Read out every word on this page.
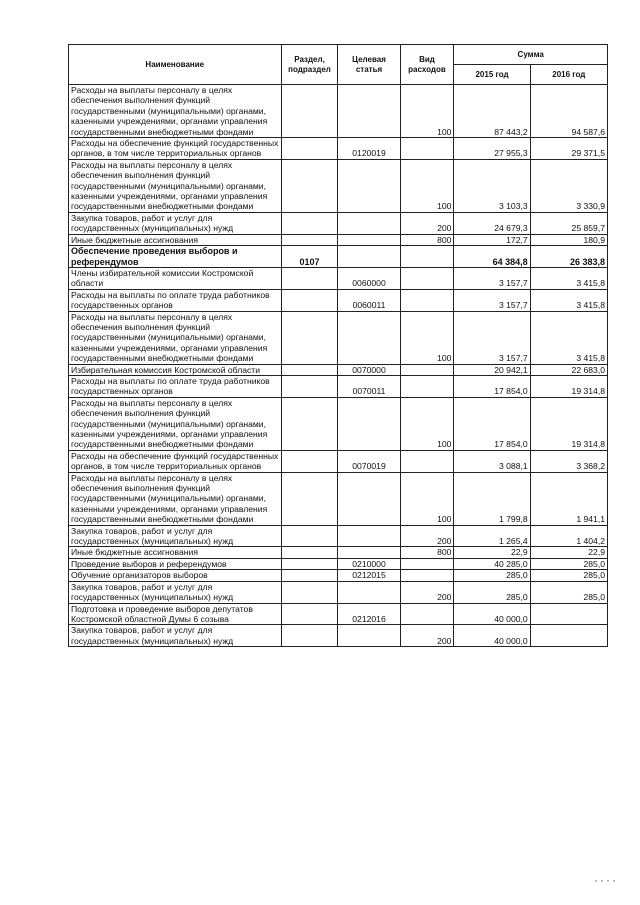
Наименование	Раздел, подраздел	Целевая статья	Вид расходов	Сумма	
				2015 год	2016 год
Расходы на выплаты персоналу в целях обеспечения выполнения функций государственными (муниципальными) органами, казенными учреждениями, органами управления государственными внебюджетными фондами			100	87 443,2	94 587,6
Расходы на обеспечение функций государственных органов, в том числе территориальных органов		0120019		27 955,3	29 371,5
Расходы на выплаты персоналу в целях обеспечения выполнения функций государственными (муниципальными) органами, казенными учреждениями, органами управления государственными внебюджетными фондами			100	3 103,3	3 330,9
Закупка товаров, работ и услуг для государственных (муниципальных) нужд			200	24 679,3	25 859,7
Иные бюджетные ассигнования			800	172,7	180,9
Обеспечение проведения выборов и референдумов	0107			64 384,8	26 383,8
Члены избирательной комиссии Костромской области		0060000		3 157,7	3 415,8
Расходы на выплаты по оплате труда работников государственных органов		0060011		3 157,7	3 415,8
Расходы на выплаты персоналу в целях обеспечения выполнения функций государственными (муниципальными) органами, казенными учреждениями, органами управления государственными внебюджетными фондами			100	3 157,7	3 415,8
Избирательная комиссия Костромской области		0070000		20 942,1	22 683,0
Расходы на выплаты по оплате труда работников государственных органов		0070011		17 854,0	19 314,8
Расходы на выплаты персоналу в целях обеспечения выполнения функций государственными (муниципальными) органами, казенными учреждениями, органами управления государственными внебюджетными фондами			100	17 854,0	19 314,8
Расходы на обеспечение функций государственных органов, в том числе территориальных органов		0070019		3 088,1	3 368,2
Расходы на выплаты персоналу в целях обеспечения выполнения функций государственными (муниципальными) органами, казенными учреждениями, органами управления государственными внебюджетными фондами			100	1 799,8	1 941,1
Закупка товаров, работ и услуг для государственных (муниципальных) нужд			200	1 265,4	1 404,2
Иные бюджетные ассигнования			800	22,9	22,9
Проведение выборов и референдумов		0210000		40 285,0	285,0
Обучение организаторов выборов		0212015		285,0	285,0
Закупка товаров, работ и услуг для государственных (муниципальных) нужд			200	285,0	285,0
Подготовка и проведение выборов депутатов Костромской областной Думы 6 созыва		0212016		40 000,0	
Закупка товаров, работ и услуг для государственных (муниципальных) нужд			200	40 000,0	
, , , ,
